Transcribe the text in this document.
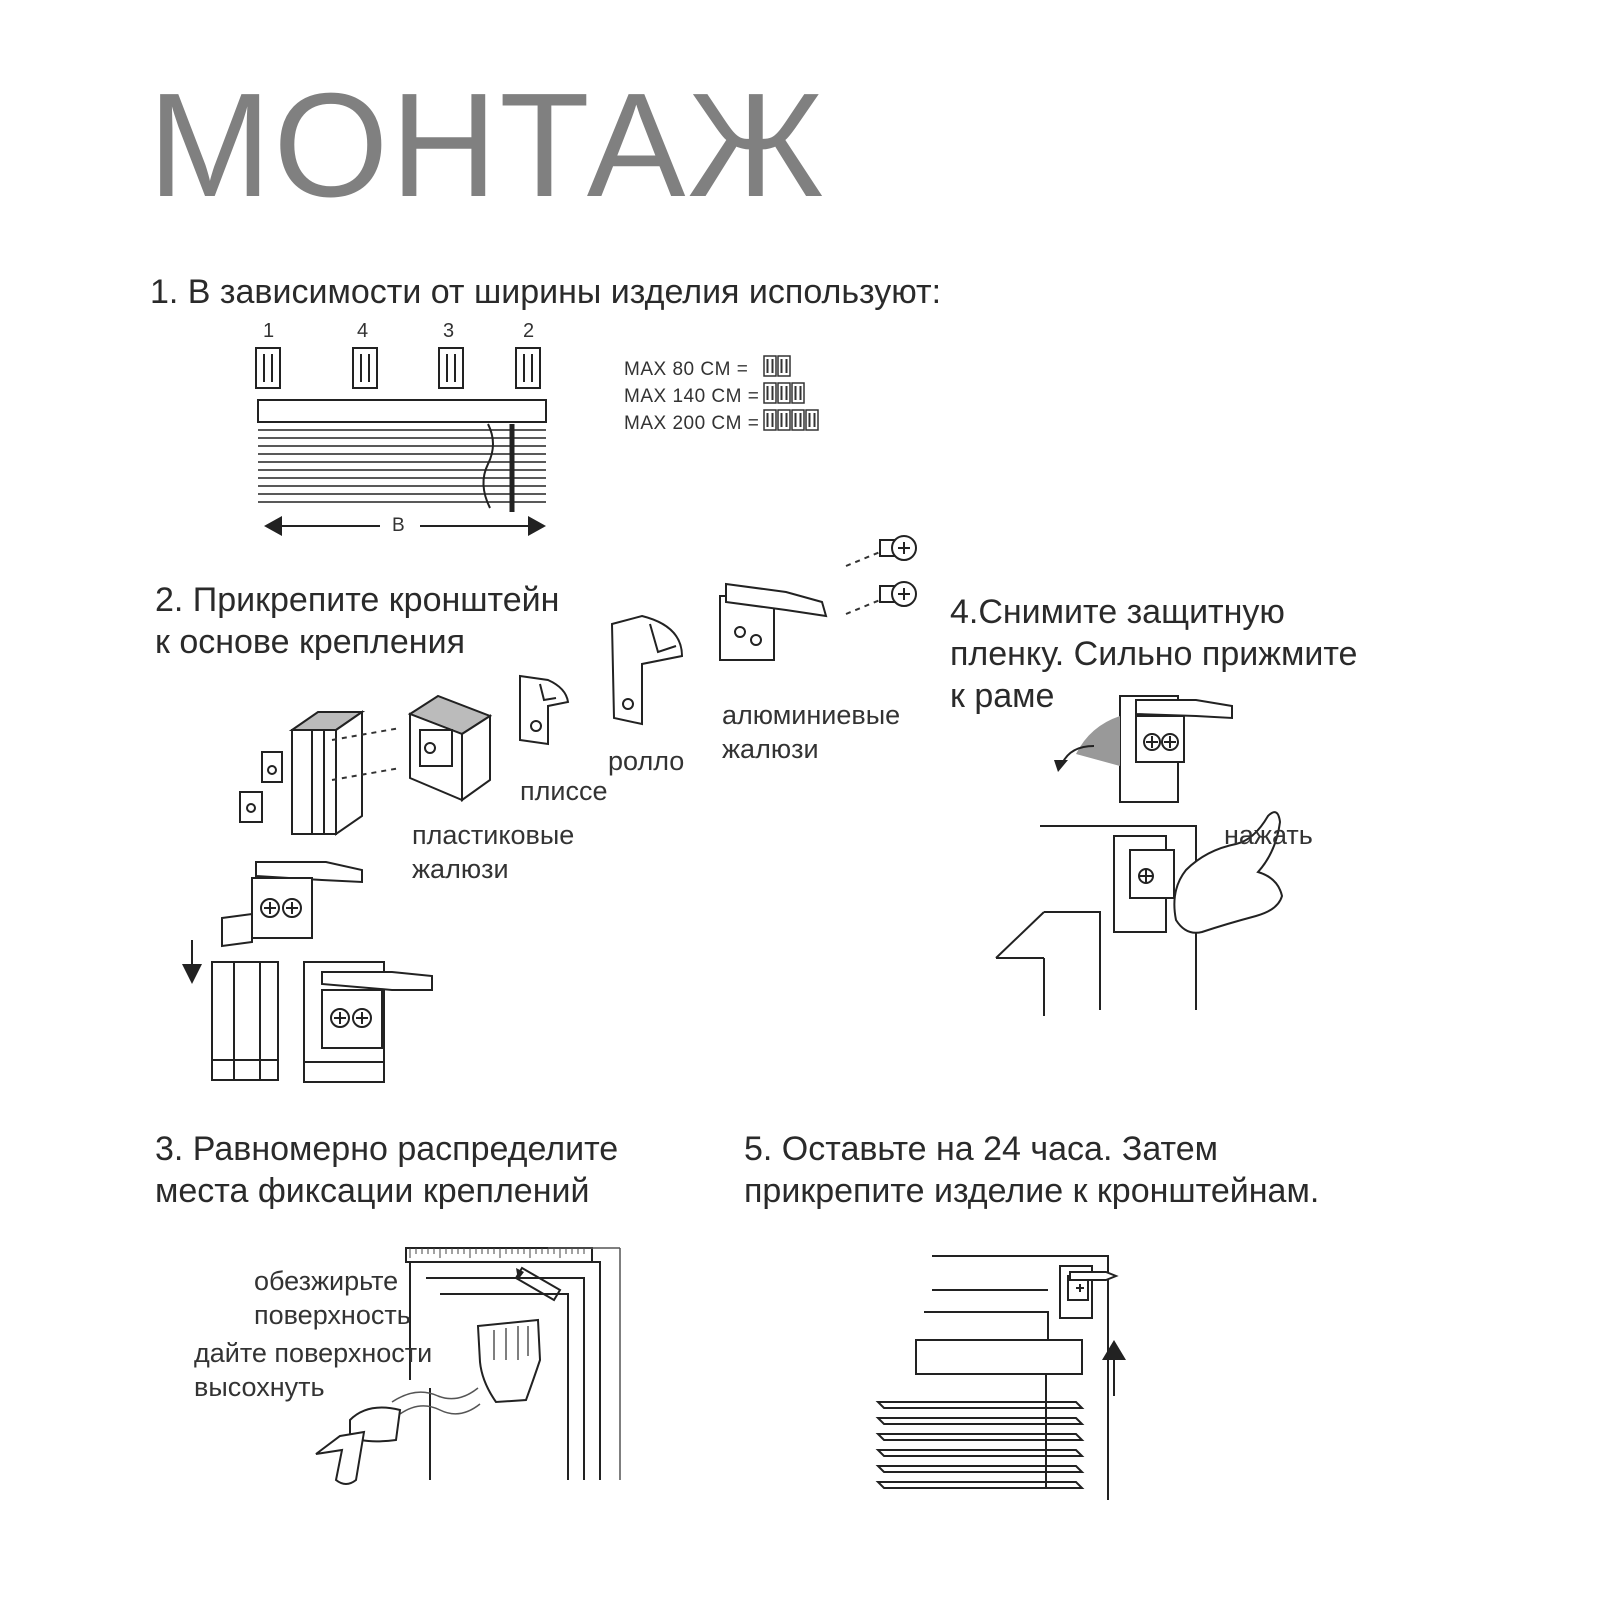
МОНТАЖ
1. В зависимости от ширины изделия используют:
1	4	3	2
B
MAX 80 CM =
MAX 140 CM =
MAX 200 CM =
2. Прикрепите кронштейн
к основе крепления
пластиковые
жалюзи
плиссе
ролло
алюминиевые
жалюзи
4.Снимите защитную
пленку. Сильно прижмите
к раме
нажать
3. Равномерно распределите
места фиксации креплений
обезжирьте
поверхность
дайте поверхности
высохнуть
5. Оставьте на 24 часа. Затем
прикрепите изделие к кронштейнам.
